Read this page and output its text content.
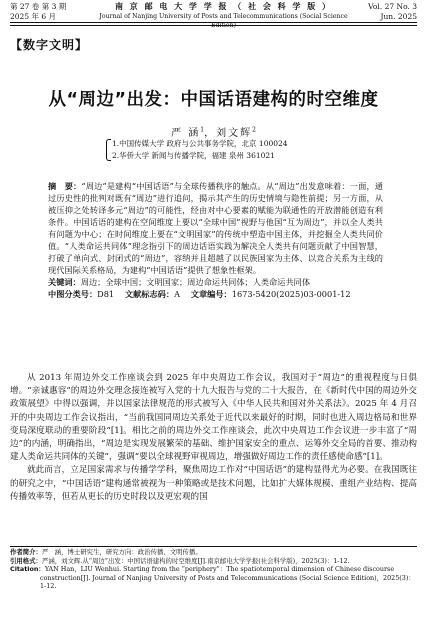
第 27 卷 第 3 期
2025 年 6 月
南 京 邮 电 大 学 学 报 （ 社 会 科 学 版 ）
Journal of Nanjing University of Posts and Telecommunications (Social Science Edition)
Vol. 27 No. 3
Jun. 2025
【数字文明】
从“周边”出发：中国话语建构的时空维度
严 涵$^1$，刘文辉$^2$
1.中国传媒大学 政府与公共事务学院，北京 100024
2.华侨大学 新闻与传播学院，福建 泉州 361021

摘　要：“周边”是建构“中国话语”与全球传播秩序的触点。从“周边”出发意味着：一面，通过历史性的批判对既有“周边”进行追问，揭示其产生的历史情境与隐性前提；另一方面，从被压抑之处转译多元“周边”的可能性，经由对中心要素的赋能为联通性的开放潜能创造有利条件。中国话语的建构在空间维度上要以“全球中国”视野与他国“互为周边”，并以全人类共有问题为中心；在时间维度上要在“文明国家”的传统中塑造中国主体，并挖掘全人类共同价值。“人类命运共同体”理念指引下的周边话语实践为解决全人类共有问题贡献了中国智慧，打破了单向式、封闭式的“周边”，容纳并且超越了以民族国家为主体、以竞合关系为主线的现代国际关系格局，为建构“中国话语”提供了想象性框架。

关键词：周边；全球中国；文明国家；周边命运共同体；人类命运共同体

中图分类号：D81  文献标志码：A  文章编号：1673-5420(2025)03-0001-12

从 2013 年周边外交工作座谈会到 2025 年中央周边工作会议，我国对于“周边”的重视程度与日俱增。“亲诚惠容”的周边外交理念接连被写入党的十九大报告与党的二十大报告，在《新时代中国的周边外交政策展望》中得以强调，并以国家法律规范的形式被写入《中华人民共和国对外关系法》。2025 年 4 月召开的中央周边工作会议指出，“当前我国同周边关系处于近代以来最好的时期，同时也进入周边格局和世界变局深度联动的重要阶段”[1]。相比之前的周边外交工作座谈会，此次中央周边工作会议进一步丰富了“周边”的内涵，明确指出，“周边是实现发展繁荣的基础、维护国家安全的重点、运筹外交全局的首要、推动构建人类命运共同体的关键”，强调“要以全球视野审视周边，增强做好周边工作的责任感使命感”[1]。

就此而言，立足国家需求与传播学学科，聚焦周边工作对“中国话语”的建构显得尤为必要。在我国既往的研究之中，“中国话语”建构通常被视为一种策略或是技术问题，比如扩大媒体规模、重组产业结构、提高传播效率等，但若从更长的历史时段以及更宏观的国

作者简介：严　涵，博士研究生，研究方向：政治传播、文明传播。
引用格式：严涵，刘文辉.从“周边”出发：中国话语建构的时空维度[J].南京邮电大学学报(社会科学版)，2025(3)：1-12.
Citation：YAN Han，LIU Wenhui. Starting from the “periphery”：The spatiotemporal dimension of Chinese discourse construction[J]. Journal of Nanjing University of Posts and Telecommunications (Social Science Edition)，2025(3)：1-12.
